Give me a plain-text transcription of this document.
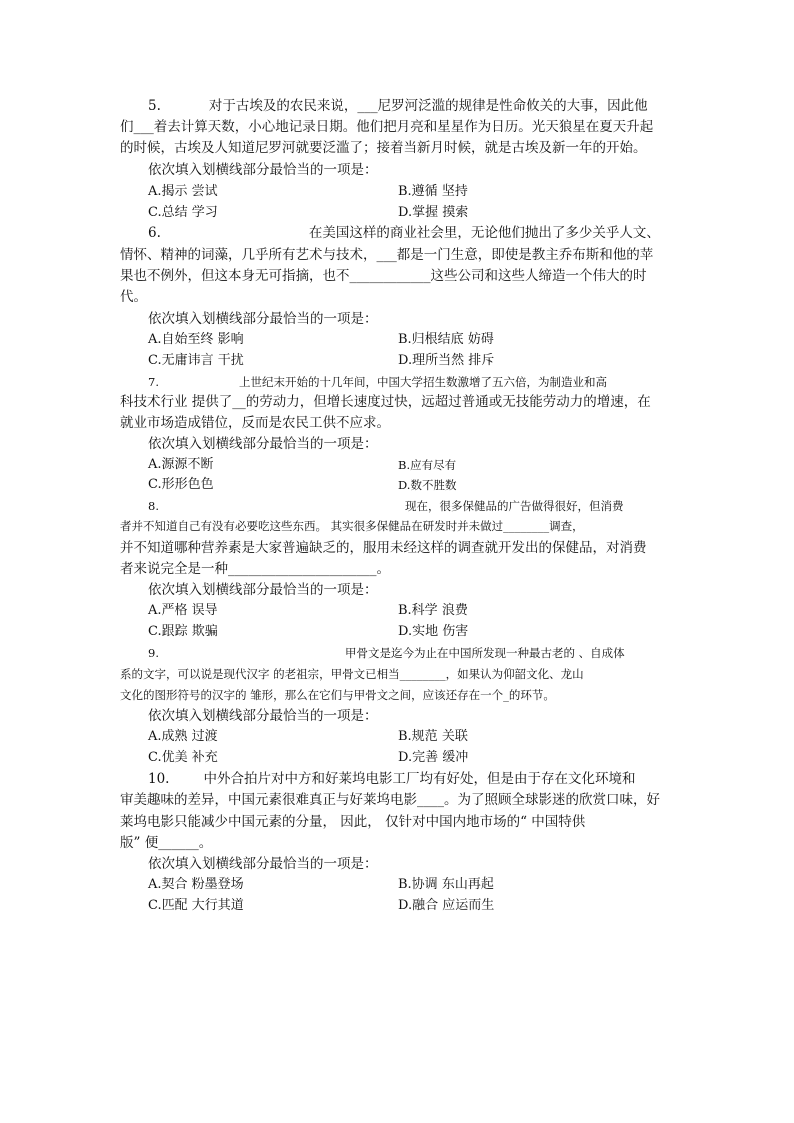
5.	对于古埃及的农民来说，___尼罗河泛滥的规律是性命攸关的大事，因此他
们___着去计算天数，小心地记录日期。他们把月亮和星星作为日历。光天狼星在夏天升起
的时候，古埃及人知道尼罗河就要泛滥了；接着当新月时候，就是古埃及新一年的开始。
依次填入划横线部分最恰当的一项是：
A.揭示 尝试	B.遵循 坚持
C.总结 学习	D.掌握 摸索
6.	在美国这样的商业社会里，无论他们抛出了多少关乎人文、
情怀、精神的词藻，几乎所有艺术与技术，___都是一门生意，即使是教主乔布斯和他的苹
果也不例外，但这本身无可指摘，也不____________这些公司和这些人缔造一个伟大的时
代。
依次填入划横线部分最恰当的一项是：
A.自始至终 影响	B.归根结底 妨碍
C.无庸讳言 干扰	D.理所当然 排斥
7.	上世纪末开始的十几年间，中国大学招生数激增了五六倍，为制造业和高
科技术行业 提供了__的劳动力，但增长速度过快，远超过普通或无技能劳动力的增速，在
就业市场造成错位，反而是农民工供不应求。
依次填入划横线部分最恰当的一项是：
A.源源不断	B.应有尽有
C.形形色色	D.数不胜数
8.	现在，很多保健品的广告做得很好，但消费
者并不知道自己有没有必要吃这些东西。 其实很多保健品在研发时并未做过________调查，
并不知道哪种营养素是大家普遍缺乏的，服用未经这样的调查就开发出的保健品，对消费
者来说完全是一种______________________。
依次填入划横线部分最恰当的一项是：
A.严格 误导	B.科学 浪费
C.跟踪 欺骗	D.实地 伤害
9.	甲骨文是迄今为止在中国所发现一种最古老的 、自成体
系的文字，可以说是现代汉字 的老祖宗，甲骨文已相当________，如果认为仰韶文化、龙山
文化的图形符号的汉字的 雏形，那么在它们与甲骨文之间，应该还存在一个_的环节。
依次填入划横线部分最恰当的一项是：
A.成熟 过渡	B.规范 关联
C.优美 补充	D.完善 缓冲
10.	中外合拍片对中方和好莱坞电影工厂均有好处，但是由于存在文化环境和
审美趣味的差异，中国元素很难真正与好莱坞电影____。为了照顾全球影迷的欣赏口味，好
莱坞电影只能减少中国元素的分量， 因此， 仅针对中国内地市场的“ 中国特供
版” 便______。
依次填入划横线部分最恰当的一项是：
A.契合 粉墨登场	B.协调 东山再起
C.匹配 大行其道	D.融合 应运而生
